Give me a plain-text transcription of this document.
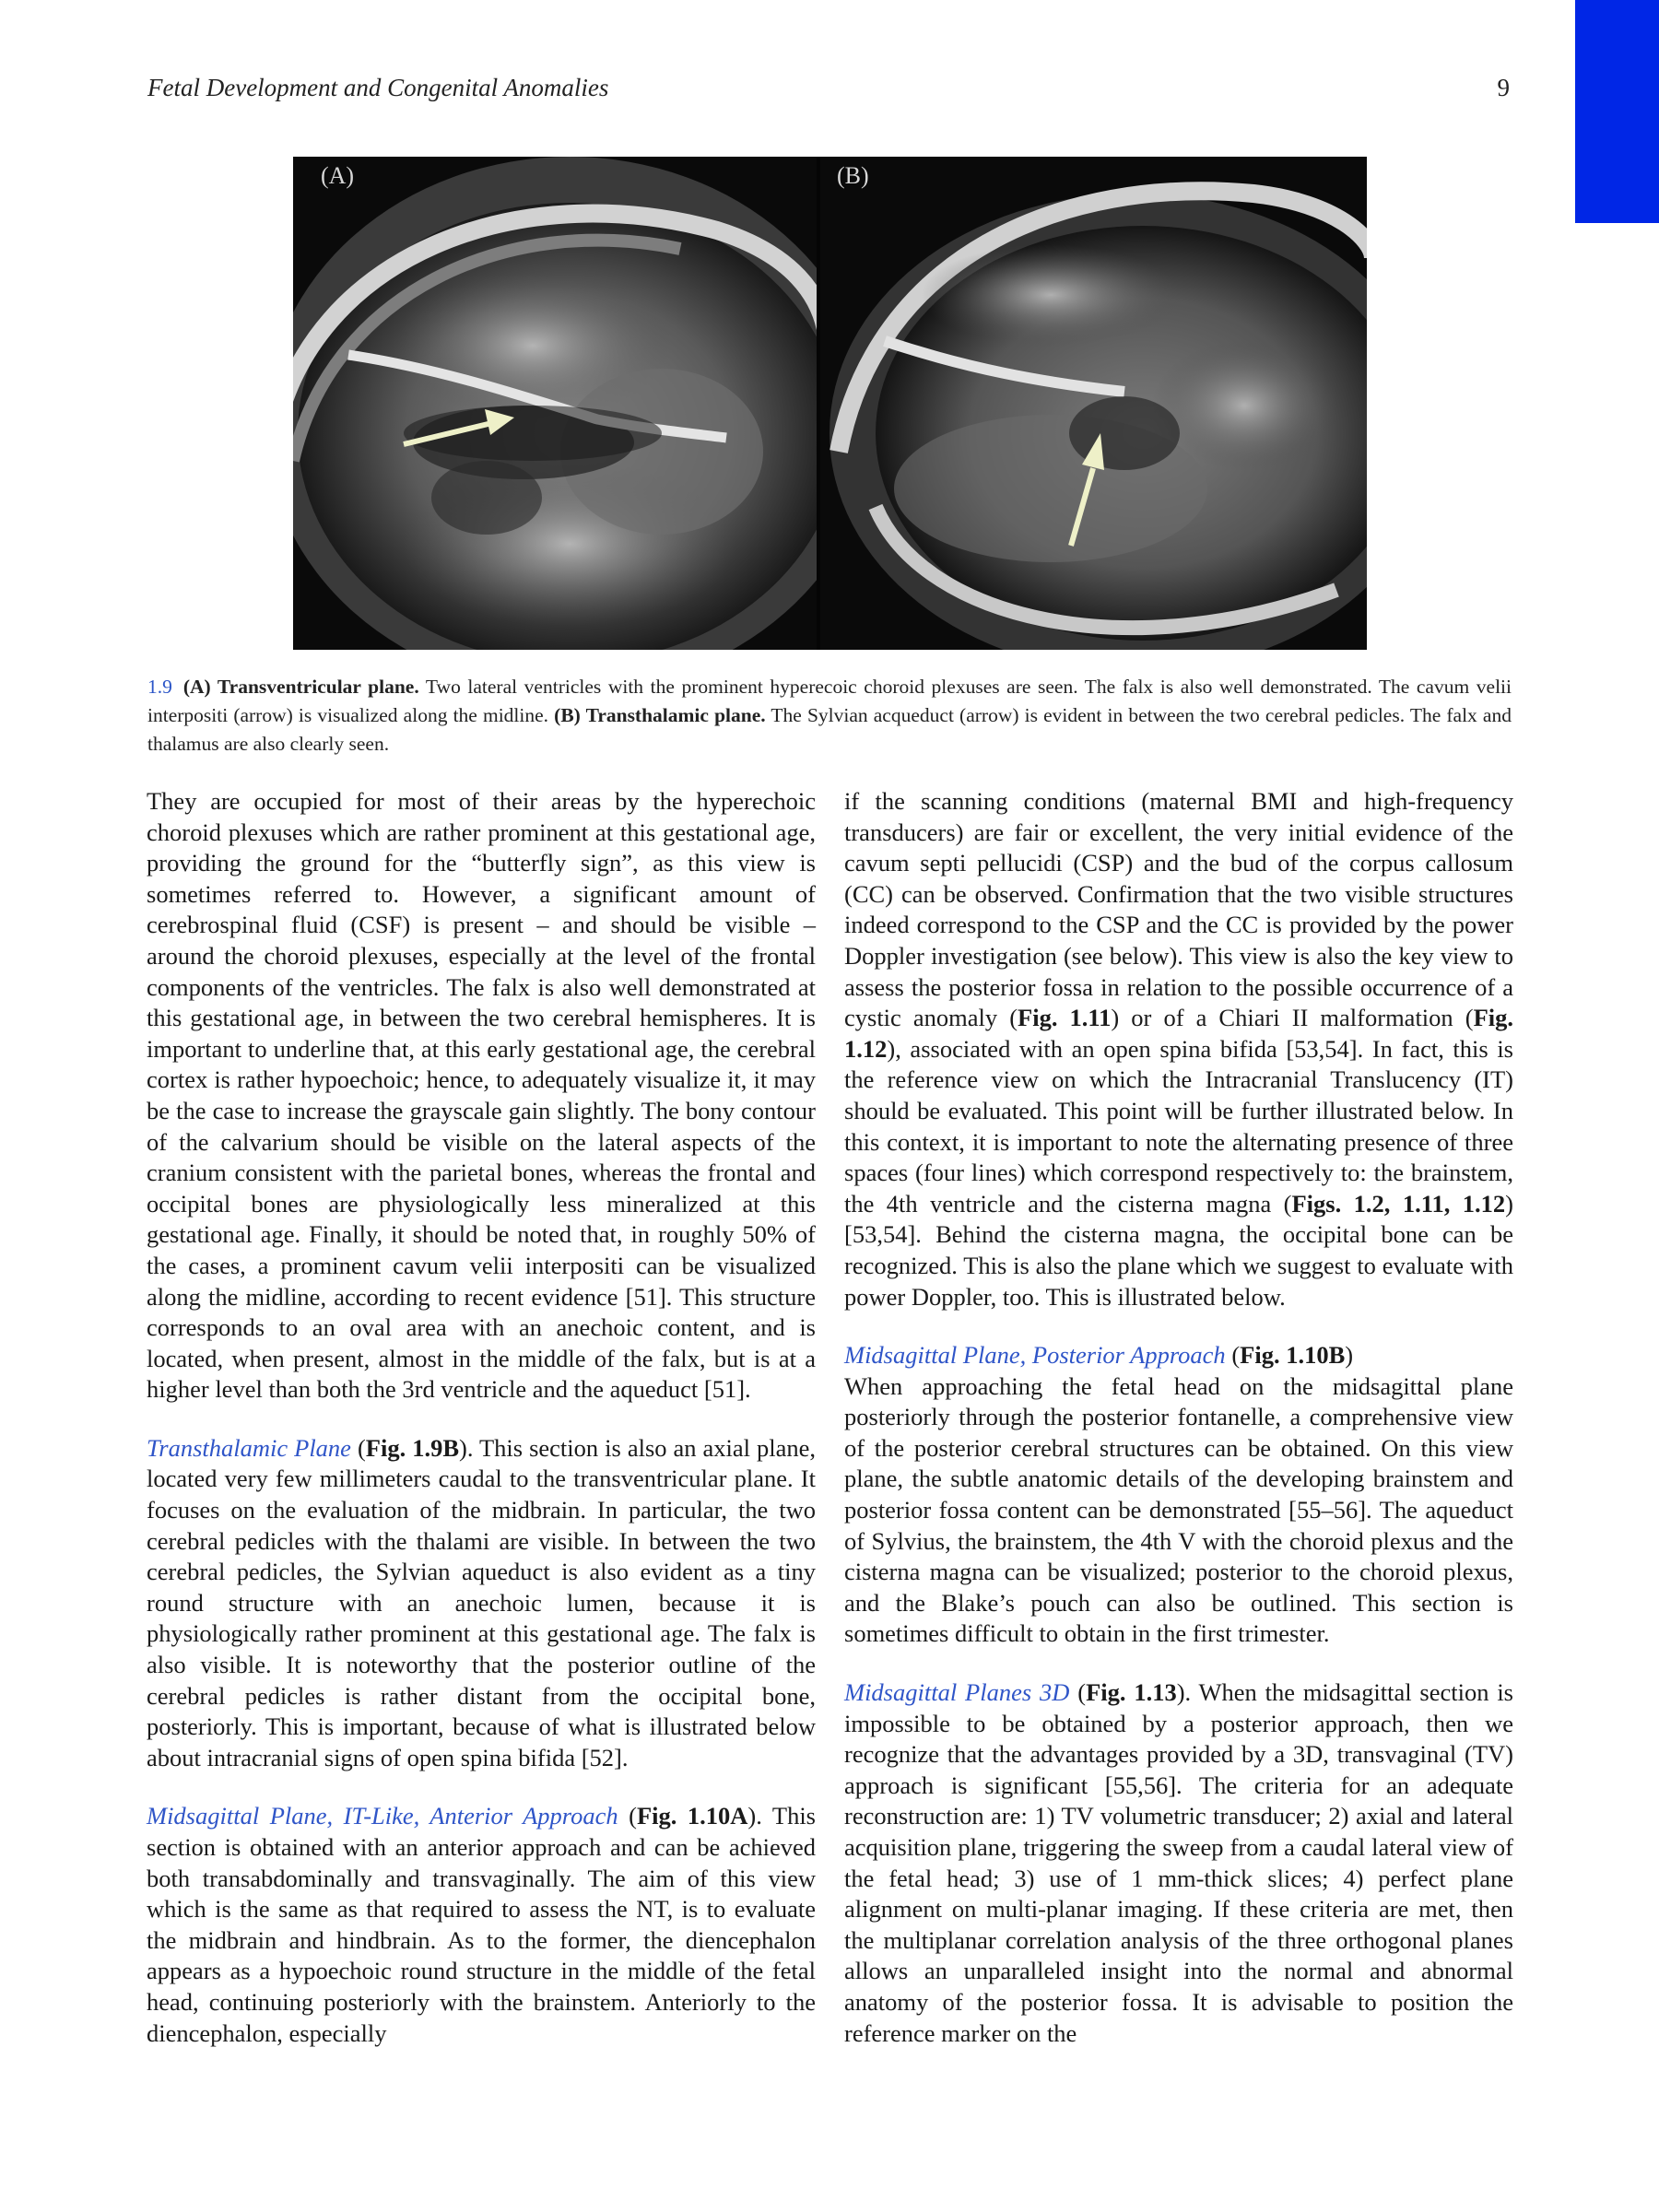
Fetal Development and Congenital Anomalies	9
(A)	(B)
1.9 (A) Transventricular plane. Two lateral ventricles with the prominent hyperecoic choroid plexuses are seen. The falx is also well demonstrated. The cavum velii interpositi (arrow) is visualized along the midline. (B) Transthalamic plane. The Sylvian acqueduct (arrow) is evident in between the two cerebral pedicles. The falx and thalamus are also clearly seen.

They are occupied for most of their areas by the hyperechoic choroid plexuses which are rather prominent at this gestational age, providing the ground for the “butterfly sign”, as this view is sometimes referred to. However, a significant amount of cerebrospinal fluid (CSF) is present – and should be visible – around the choroid plexuses, especially at the level of the frontal components of the ventricles. The falx is also well demonstrated at this gestational age, in between the two cerebral hemispheres. It is important to underline that, at this early gestational age, the cerebral cortex is rather hypoechoic; hence, to adequately visualize it, it may be the case to increase the grayscale gain slightly. The bony contour of the calvarium should be visible on the lateral aspects of the cranium consistent with the parietal bones, whereas the frontal and occipital bones are physiologically less mineralized at this gestational age. Finally, it should be noted that, in roughly 50% of the cases, a prominent cavum velii interpositi can be visualized along the midline, according to recent evidence [51]. This structure corresponds to an oval area with an anechoic content, and is located, when present, almost in the middle of the falx, but is at a higher level than both the 3rd ventricle and the aqueduct [51].

Transthalamic Plane (Fig. 1.9B). This section is also an axial plane, located very few millimeters caudal to the transventricular plane. It focuses on the evaluation of the midbrain. In particular, the two cerebral pedicles with the thalami are visible. In between the two cerebral pedicles, the Sylvian aqueduct is also evident as a tiny round structure with an anechoic lumen, because it is physiologically rather prominent at this gestational age. The falx is also visible. It is noteworthy that the posterior outline of the cerebral pedicles is rather distant from the occipital bone, posteriorly. This is important, because of what is illustrated below about intracranial signs of open spina bifida [52].

Midsagittal Plane, IT-Like, Anterior Approach (Fig. 1.10A). This section is obtained with an anterior approach and can be achieved both transabdominally and transvaginally. The aim of this view which is the same as that required to assess the NT, is to evaluate the midbrain and hindbrain. As to the former, the diencephalon appears as a hypoechoic round structure in the middle of the fetal head, continuing posteriorly with the brainstem. Anteriorly to the diencephalon, especially

if the scanning conditions (maternal BMI and high-frequency transducers) are fair or excellent, the very initial evidence of the cavum septi pellucidi (CSP) and the bud of the corpus callosum (CC) can be observed. Confirmation that the two visible structures indeed correspond to the CSP and the CC is provided by the power Doppler investigation (see below). This view is also the key view to assess the posterior fossa in relation to the possible occurrence of a cystic anomaly (Fig. 1.11) or of a Chiari II malformation (Fig. 1.12), associated with an open spina bifida [53,54]. In fact, this is the reference view on which the Intracranial Translucency (IT) should be evaluated. This point will be further illustrated below. In this context, it is important to note the alternating presence of three spaces (four lines) which correspond respectively to: the brainstem, the 4th ventricle and the cisterna magna (Figs. 1.2, 1.11, 1.12) [53,54]. Behind the cisterna magna, the occipital bone can be recognized. This is also the plane which we suggest to evaluate with power Doppler, too. This is illustrated below.

Midsagittal Plane, Posterior Approach (Fig. 1.10B)
When approaching the fetal head on the midsagittal plane posteriorly through the posterior fontanelle, a comprehensive view of the posterior cerebral structures can be obtained. On this view plane, the subtle anatomic details of the developing brainstem and posterior fossa content can be demonstrated [55–56]. The aqueduct of Sylvius, the brainstem, the 4th V with the choroid plexus and the cisterna magna can be visualized; posterior to the choroid plexus, and the Blake’s pouch can also be outlined. This section is sometimes difficult to obtain in the first trimester.

Midsagittal Planes 3D (Fig. 1.13). When the midsagittal section is impossible to be obtained by a posterior approach, then we recognize that the advantages provided by a 3D, transvaginal (TV) approach is significant [55,56]. The criteria for an adequate reconstruction are: 1) TV volumetric transducer; 2) axial and lateral acquisition plane, triggering the sweep from a caudal lateral view of the fetal head; 3) use of 1 mm-thick slices; 4) perfect plane alignment on multi-planar imaging. If these criteria are met, then the multiplanar correlation analysis of the three orthogonal planes allows an unparalleled insight into the normal and abnormal anatomy of the posterior fossa. It is advisable to position the reference marker on the
